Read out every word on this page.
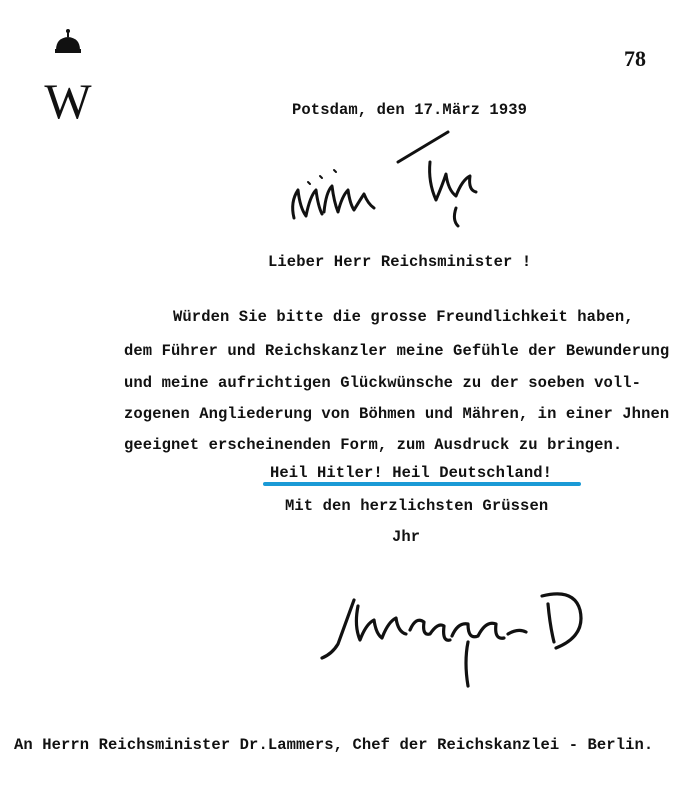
W
78
Potsdam, den 17.März 1939
Lieber Herr Reichsminister !
Würden Sie bitte die grosse Freundlichkeit haben,
dem Führer und Reichskanzler meine Gefühle der Bewunderung
und meine aufrichtigen Glückwünsche zu der soeben voll-
zogenen Angliederung von Böhmen und Mähren, in einer Jhnen
geeignet erscheinenden Form, zum Ausdruck zu bringen.
Heil Hitler! Heil Deutschland!
Mit den herzlichsten Grüssen
Jhr
An Herrn Reichsminister Dr.Lammers, Chef der Reichskanzlei - Berlin.
